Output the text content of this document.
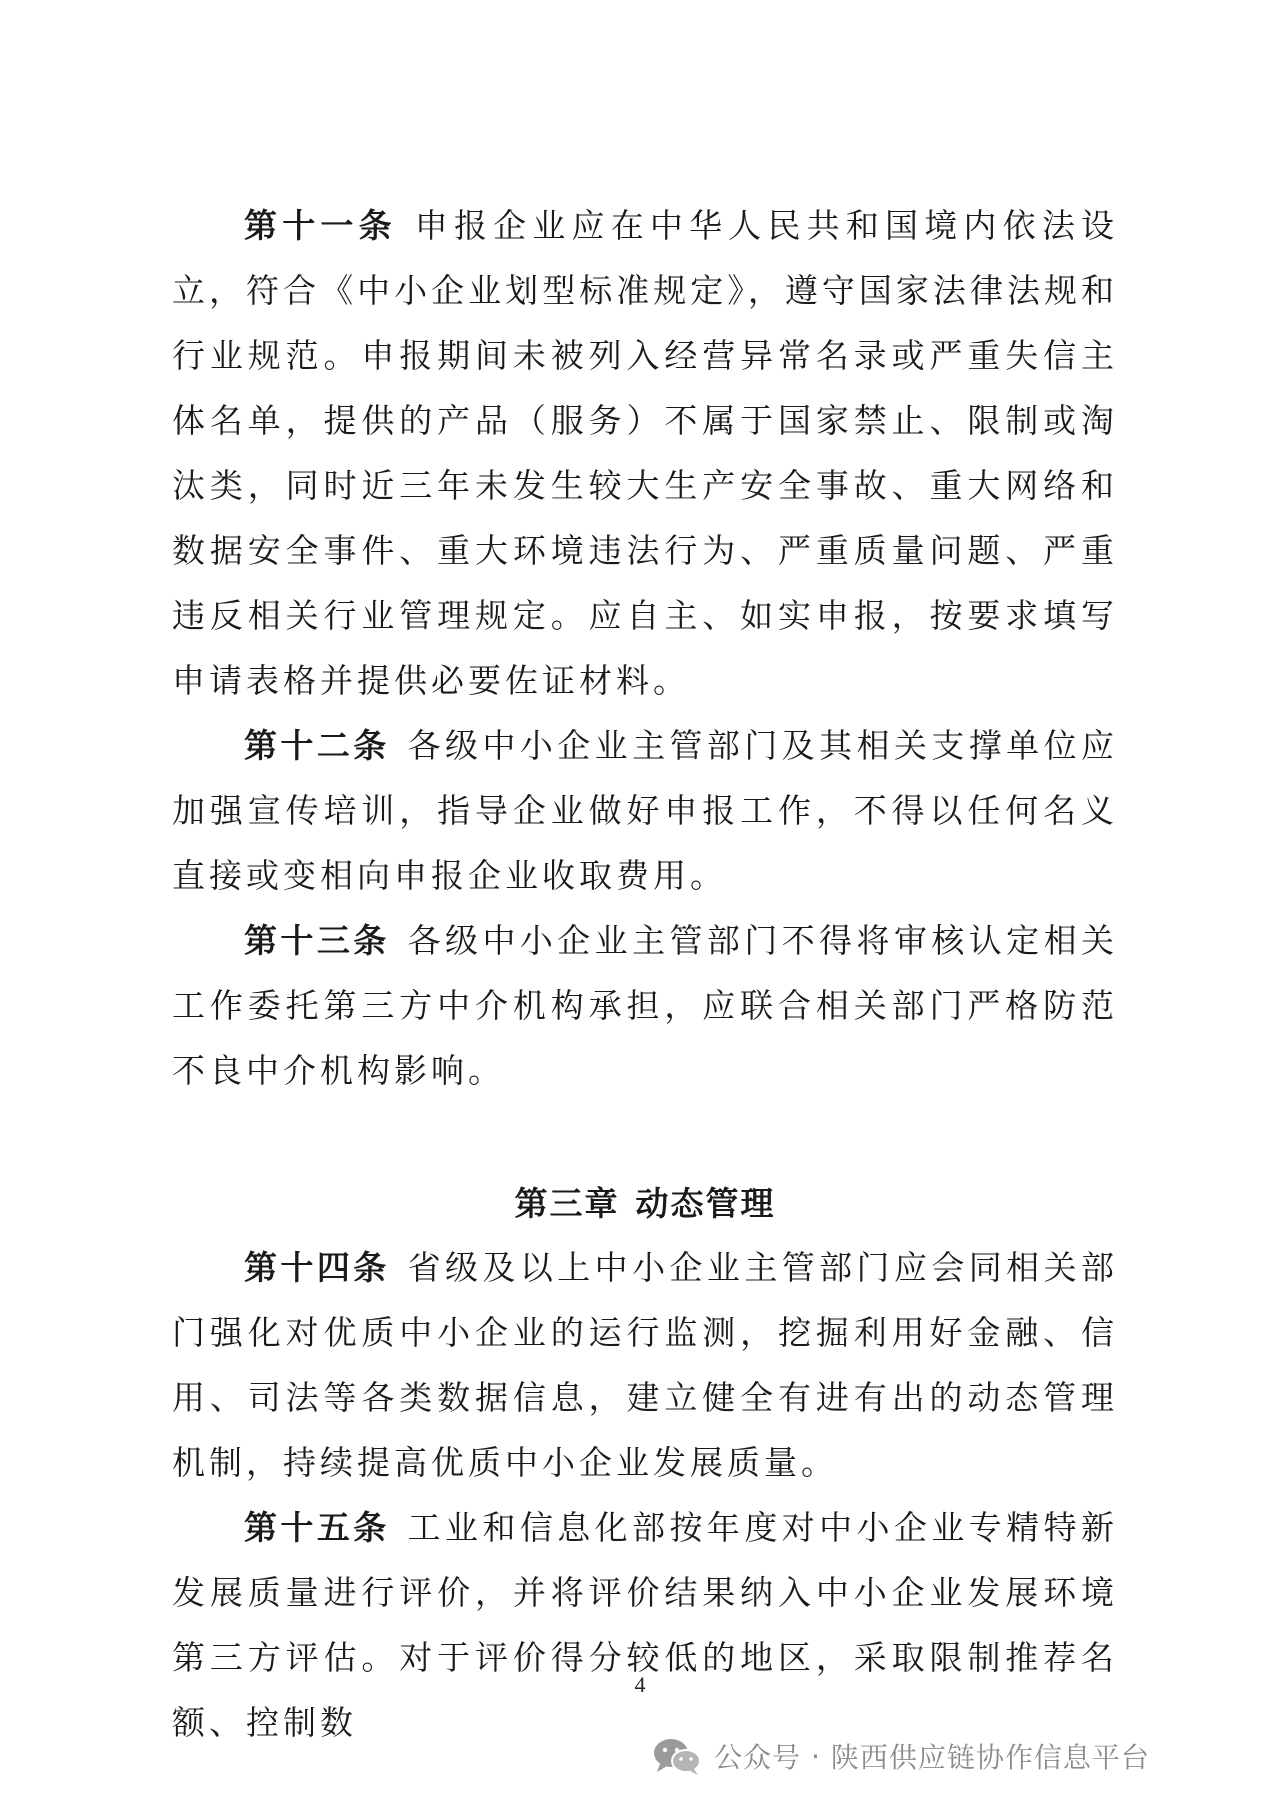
第十一条 申报企业应在中华人民共和国境内依法设立，符合《中小企业划型标准规定》，遵守国家法律法规和行业规范。申报期间未被列入经营异常名录或严重失信主体名单，提供的产品（服务）不属于国家禁止、限制或淘汰类，同时近三年未发生较大生产安全事故、重大网络和数据安全事件、重大环境违法行为、严重质量问题、严重违反相关行业管理规定。应自主、如实申报，按要求填写申请表格并提供必要佐证材料。

第十二条 各级中小企业主管部门及其相关支撑单位应加强宣传培训，指导企业做好申报工作，不得以任何名义直接或变相向申报企业收取费用。

第十三条 各级中小企业主管部门不得将审核认定相关工作委托第三方中介机构承担，应联合相关部门严格防范不良中介机构影响。

第三章 动态管理

第十四条 省级及以上中小企业主管部门应会同相关部门强化对优质中小企业的运行监测，挖掘利用好金融、信用、司法等各类数据信息，建立健全有进有出的动态管理机制，持续提高优质中小企业发展质量。

第十五条 工业和信息化部按年度对中小企业专精特新发展质量进行评价，并将评价结果纳入中小企业发展环境第三方评估。对于评价得分较低的地区，采取限制推荐名额、控制数

4
公众号 · 陕西供应链协作信息平台
